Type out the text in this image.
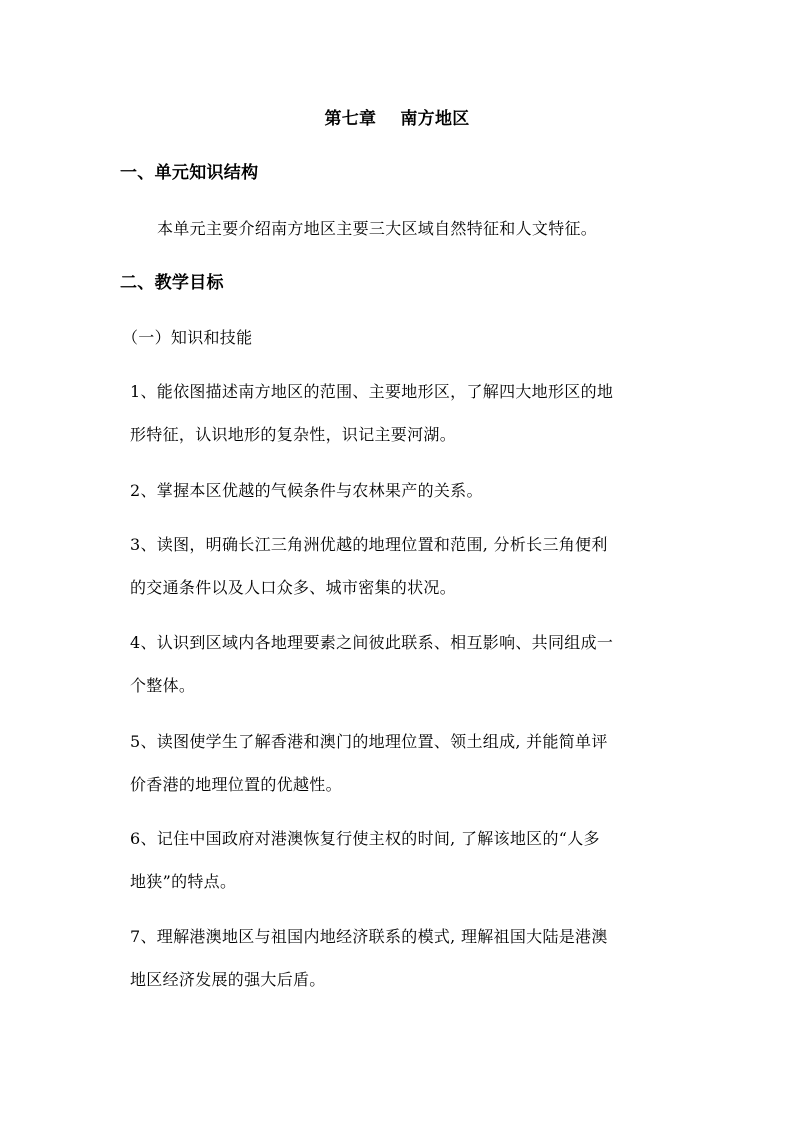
第七章 南方地区
一、单元知识结构
本单元主要介绍南方地区主要三大区域自然特征和人文特征。
二、教学目标
（一）知识和技能
1、能依图描述南方地区的范围、主要地形区，了解四大地形区的地
形特征，认识地形的复杂性，识记主要河湖。
2、掌握本区优越的气候条件与农林果产的关系。
3、读图，明确长江三角洲优越的地理位置和范围, 分析长三角便利
的交通条件以及人口众多、城市密集的状况。
4、认识到区域内各地理要素之间彼此联系、相互影响、共同组成一
个整体。
5、读图使学生了解香港和澳门的地理位置、领土组成, 并能简单评
价香港的地理位置的优越性。
6、记住中国政府对港澳恢复行使主权的时间, 了解该地区的“人多
地狭”的特点。
7、理解港澳地区与祖国内地经济联系的模式, 理解祖国大陆是港澳
地区经济发展的强大后盾。
